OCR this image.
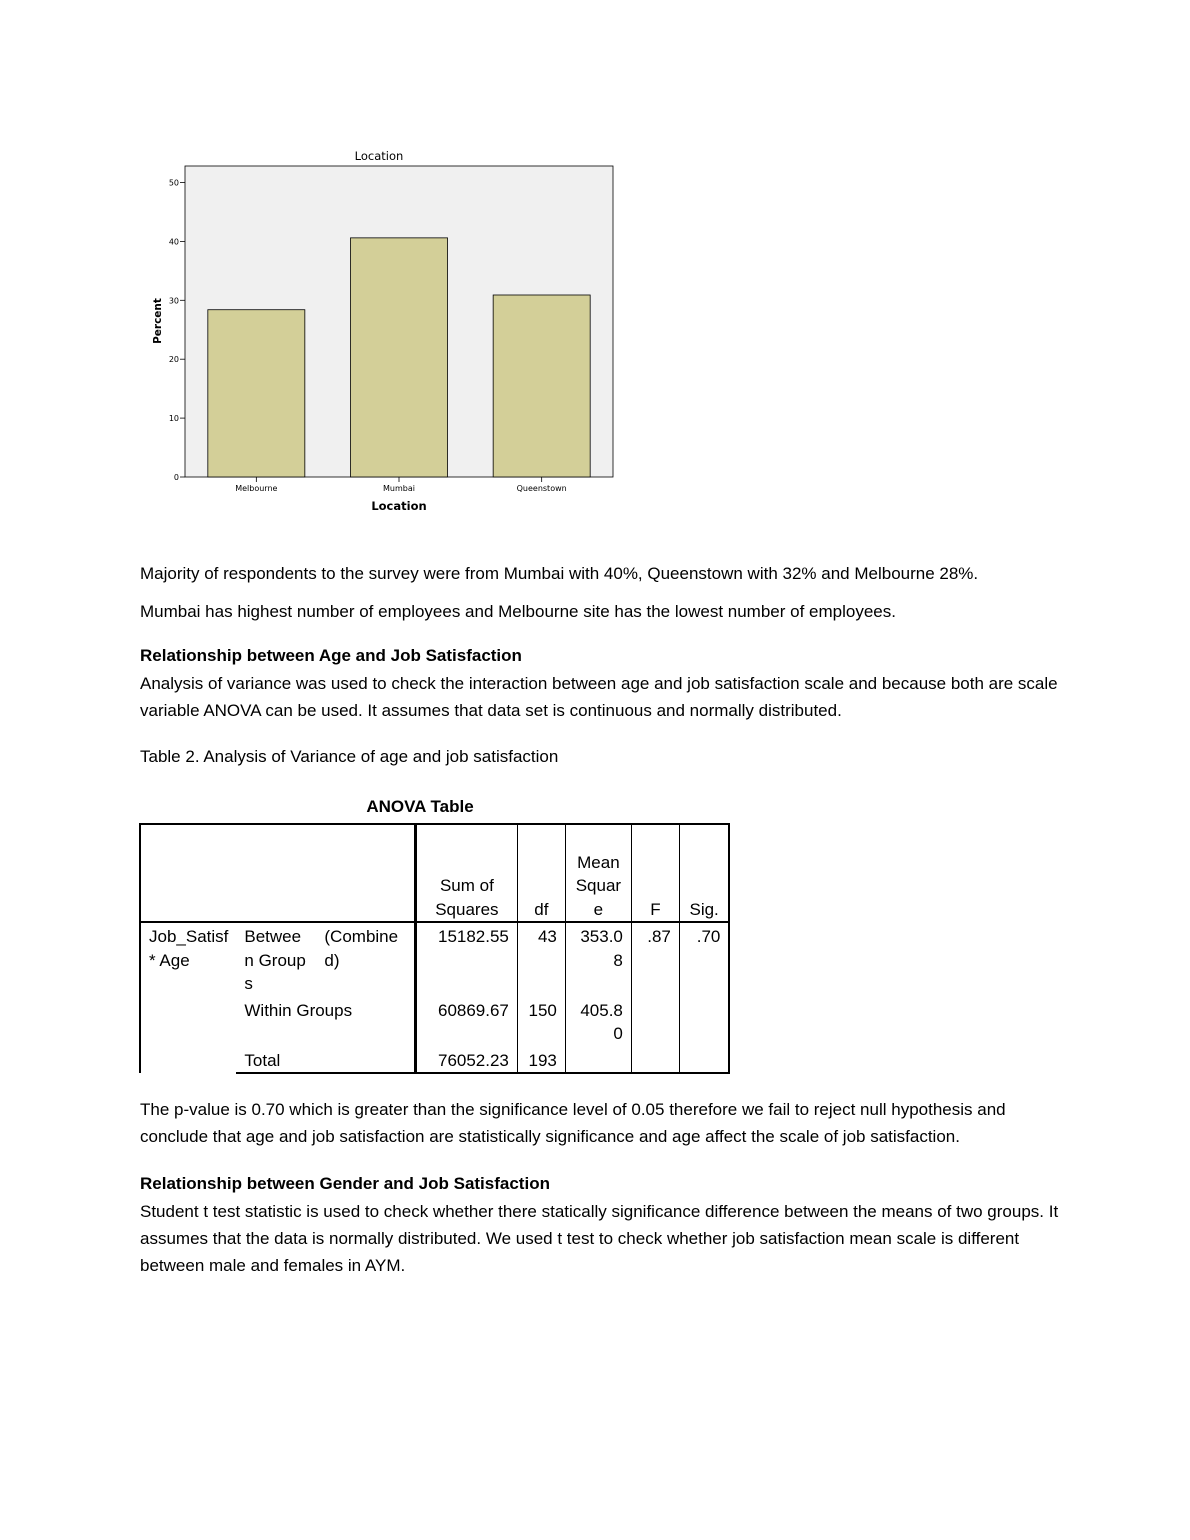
Location
0
10
20
30
40
50
Melbourne	Mumbai	Queenstown
Percent
Location

Majority of respondents to the survey were from Mumbai with 40%, Queenstown with 32% and Melbourne 28%.

Mumbai has highest number of employees and Melbourne site has the lowest number of employees.

Relationship between Age and Job Satisfaction

Analysis of variance was used to check the interaction between age and job satisfaction scale and because both are scale variable ANOVA can be used. It assumes that data set is continuous and normally distributed.

Table 2. Analysis of Variance of age and job satisfaction

ANOVA Table
			Sum of Squares	df	Mean Square	F	Sig.
Job_Satisf * Age	Between Groups	(Combined)	15182.55	43	353.08	.87	.70
	Within Groups		60869.67	150	405.80		
	Total		76052.23	193			

The p-value is 0.70 which is greater than the significance level of 0.05 therefore we fail to reject null hypothesis and conclude that age and job satisfaction are statistically significance and age affect the scale of job satisfaction.

Relationship between Gender and Job Satisfaction

Student t test statistic is used to check whether there statically significance difference between the means of two groups. It assumes that the data is normally distributed. We used t test to check whether job satisfaction mean scale is different between male and females in AYM.
